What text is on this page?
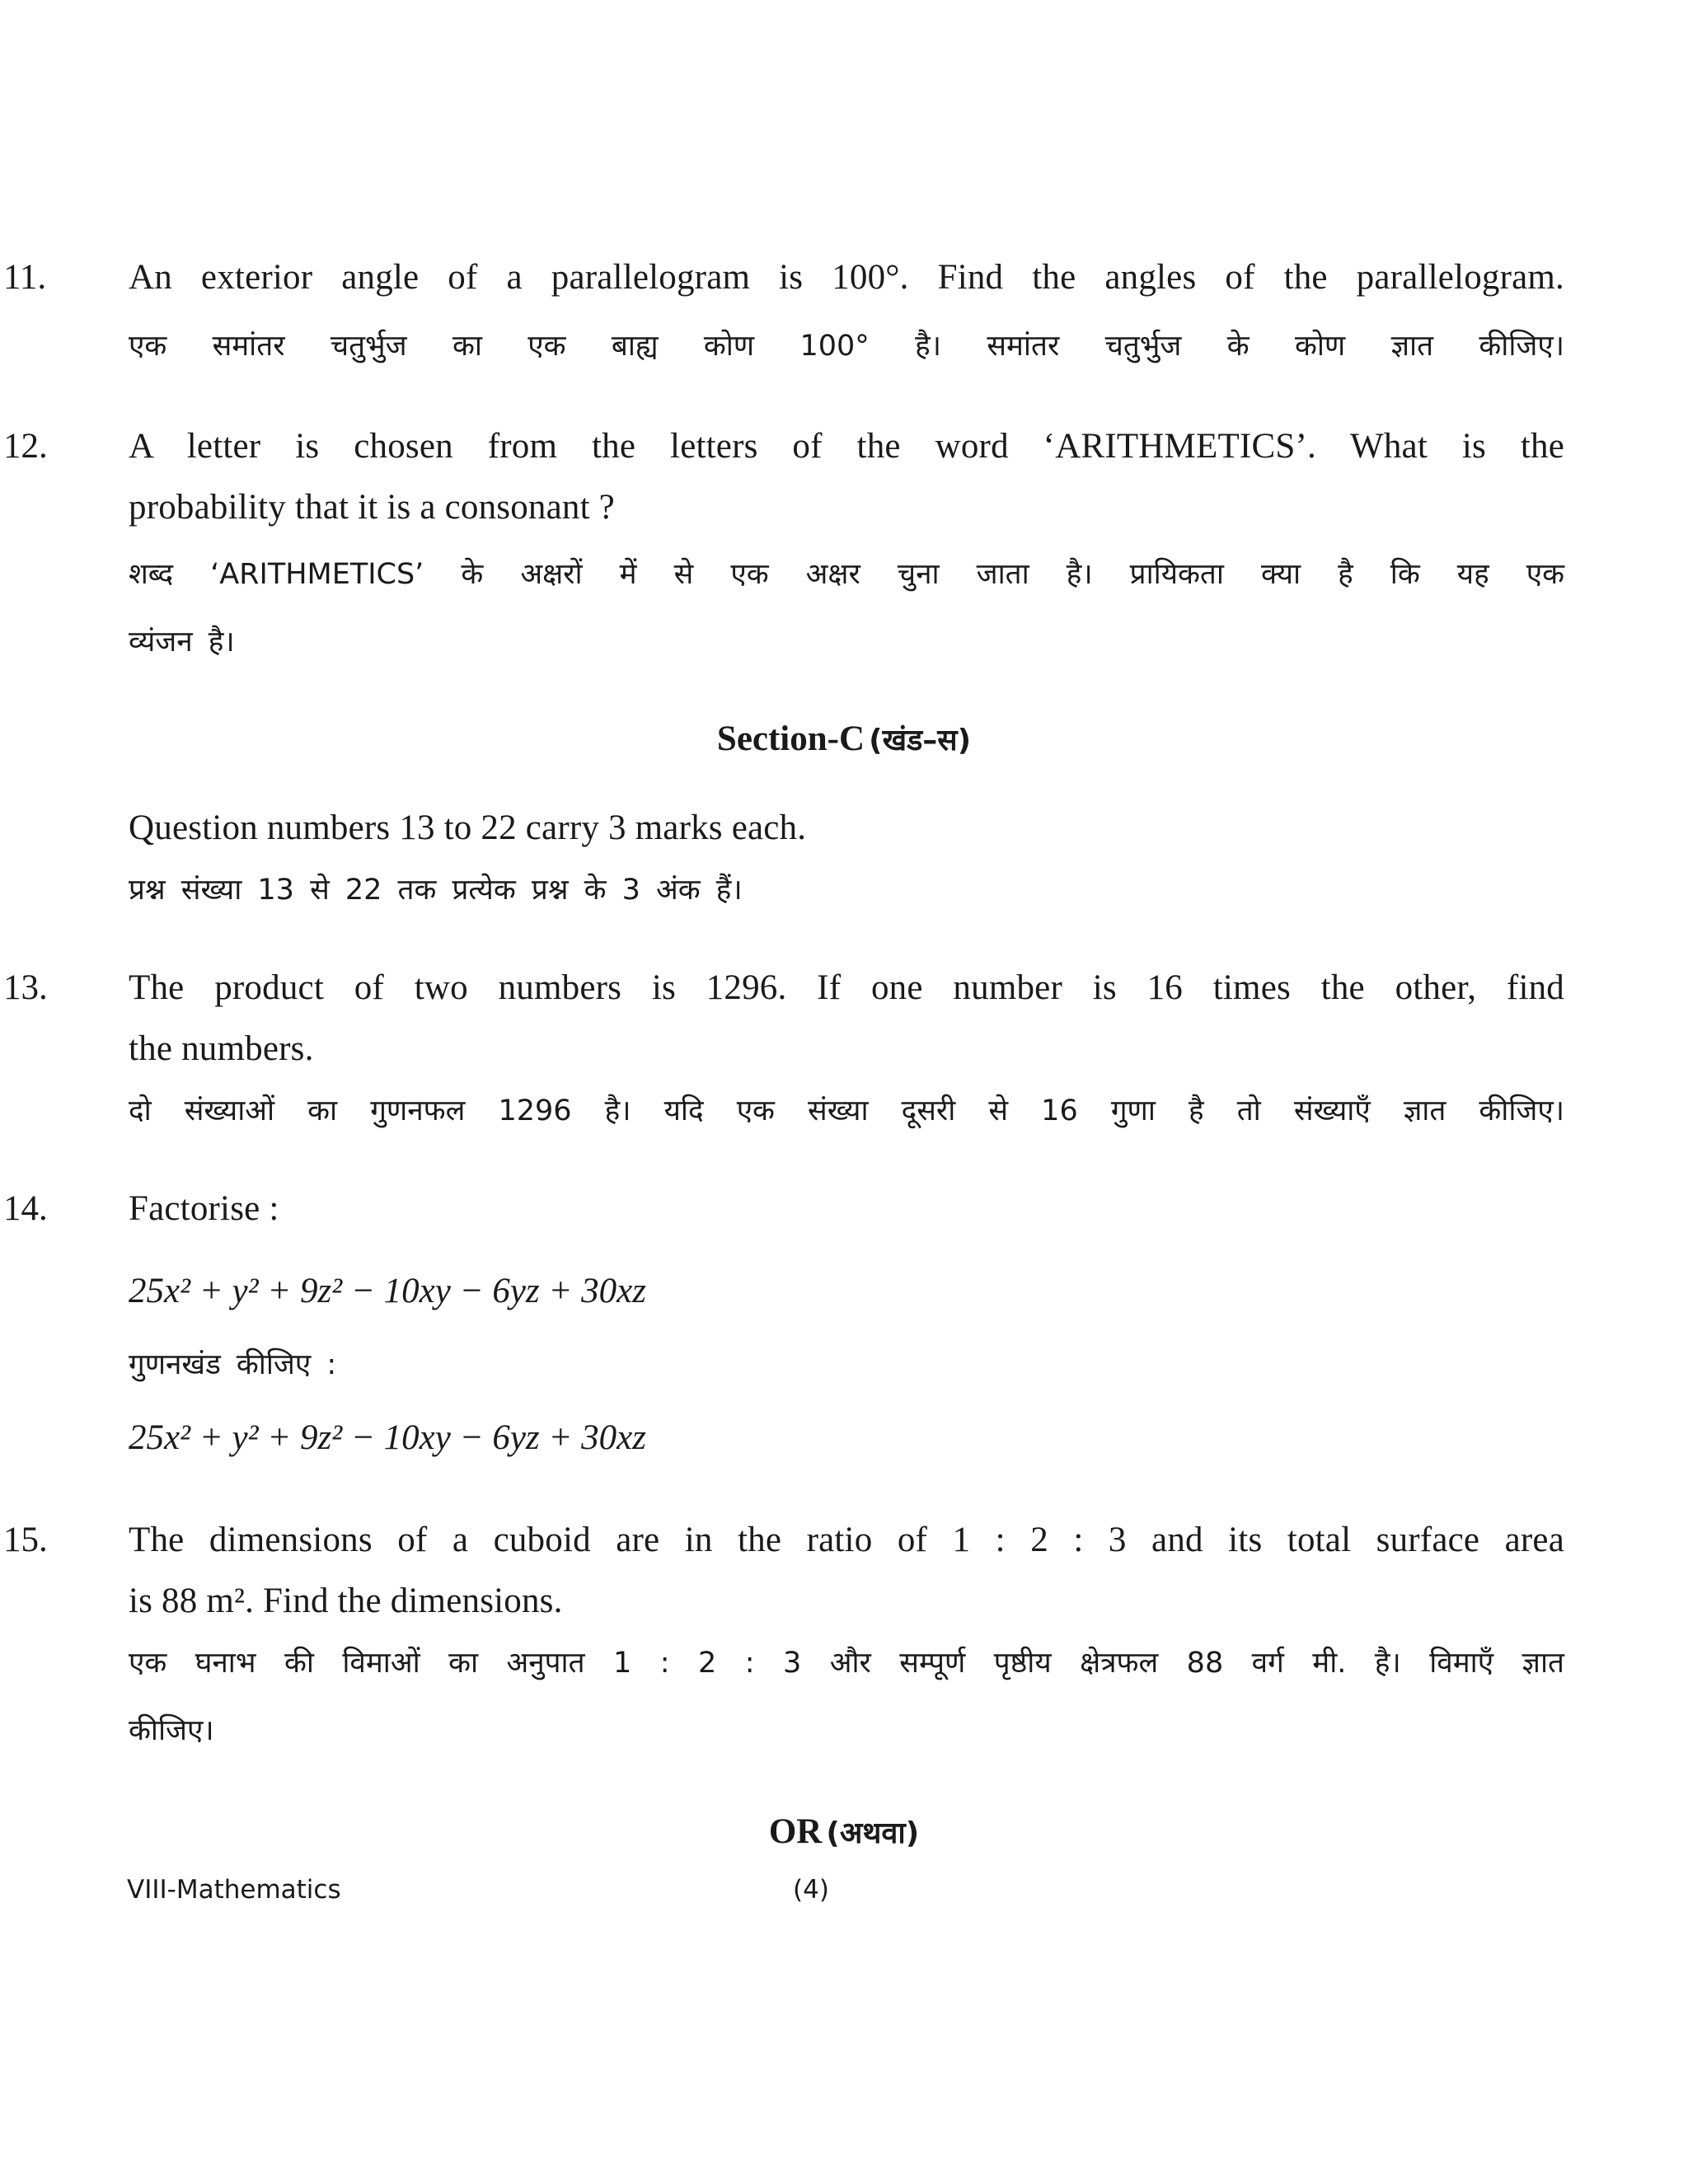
11. An exterior angle of a parallelogram is 100°. Find the angles of the parallelogram.
एक समांतर चतुर्भुज का एक बाह्य कोण 100° है। समांतर चतुर्भुज के कोण ज्ञात कीजिए।
12. A letter is chosen from the letters of the word ‘ARITHMETICS’. What is the
probability that it is a consonant ?
शब्द ‘ARITHMETICS’ के अक्षरों में से एक अक्षर चुना जाता है। प्रायिकता क्या है कि यह एक
व्यंजन है।
Section-C (खंड–स)
Question numbers 13 to 22 carry 3 marks each.
प्रश्न संख्या 13 से 22 तक प्रत्येक प्रश्न के 3 अंक हैं।
13. The product of two numbers is 1296. If one number is 16 times the other, find
the numbers.
दो संख्याओं का गुणनफल 1296 है। यदि एक संख्या दूसरी से 16 गुणा है तो संख्याएँ ज्ञात कीजिए।
14. Factorise :
25x² + y² + 9z² − 10xy − 6yz + 30xz
गुणनखंड कीजिए :
25x² + y² + 9z² − 10xy − 6yz + 30xz
15. The dimensions of a cuboid are in the ratio of 1 : 2 : 3 and its total surface area
is 88 m². Find the dimensions.
एक घनाभ की विमाओं का अनुपात 1 : 2 : 3 और सम्पूर्ण पृष्ठीय क्षेत्रफल 88 वर्ग मी. है। विमाएँ ज्ञात
कीजिए।
OR (अथवा)
VIII-Mathematics	(4)
